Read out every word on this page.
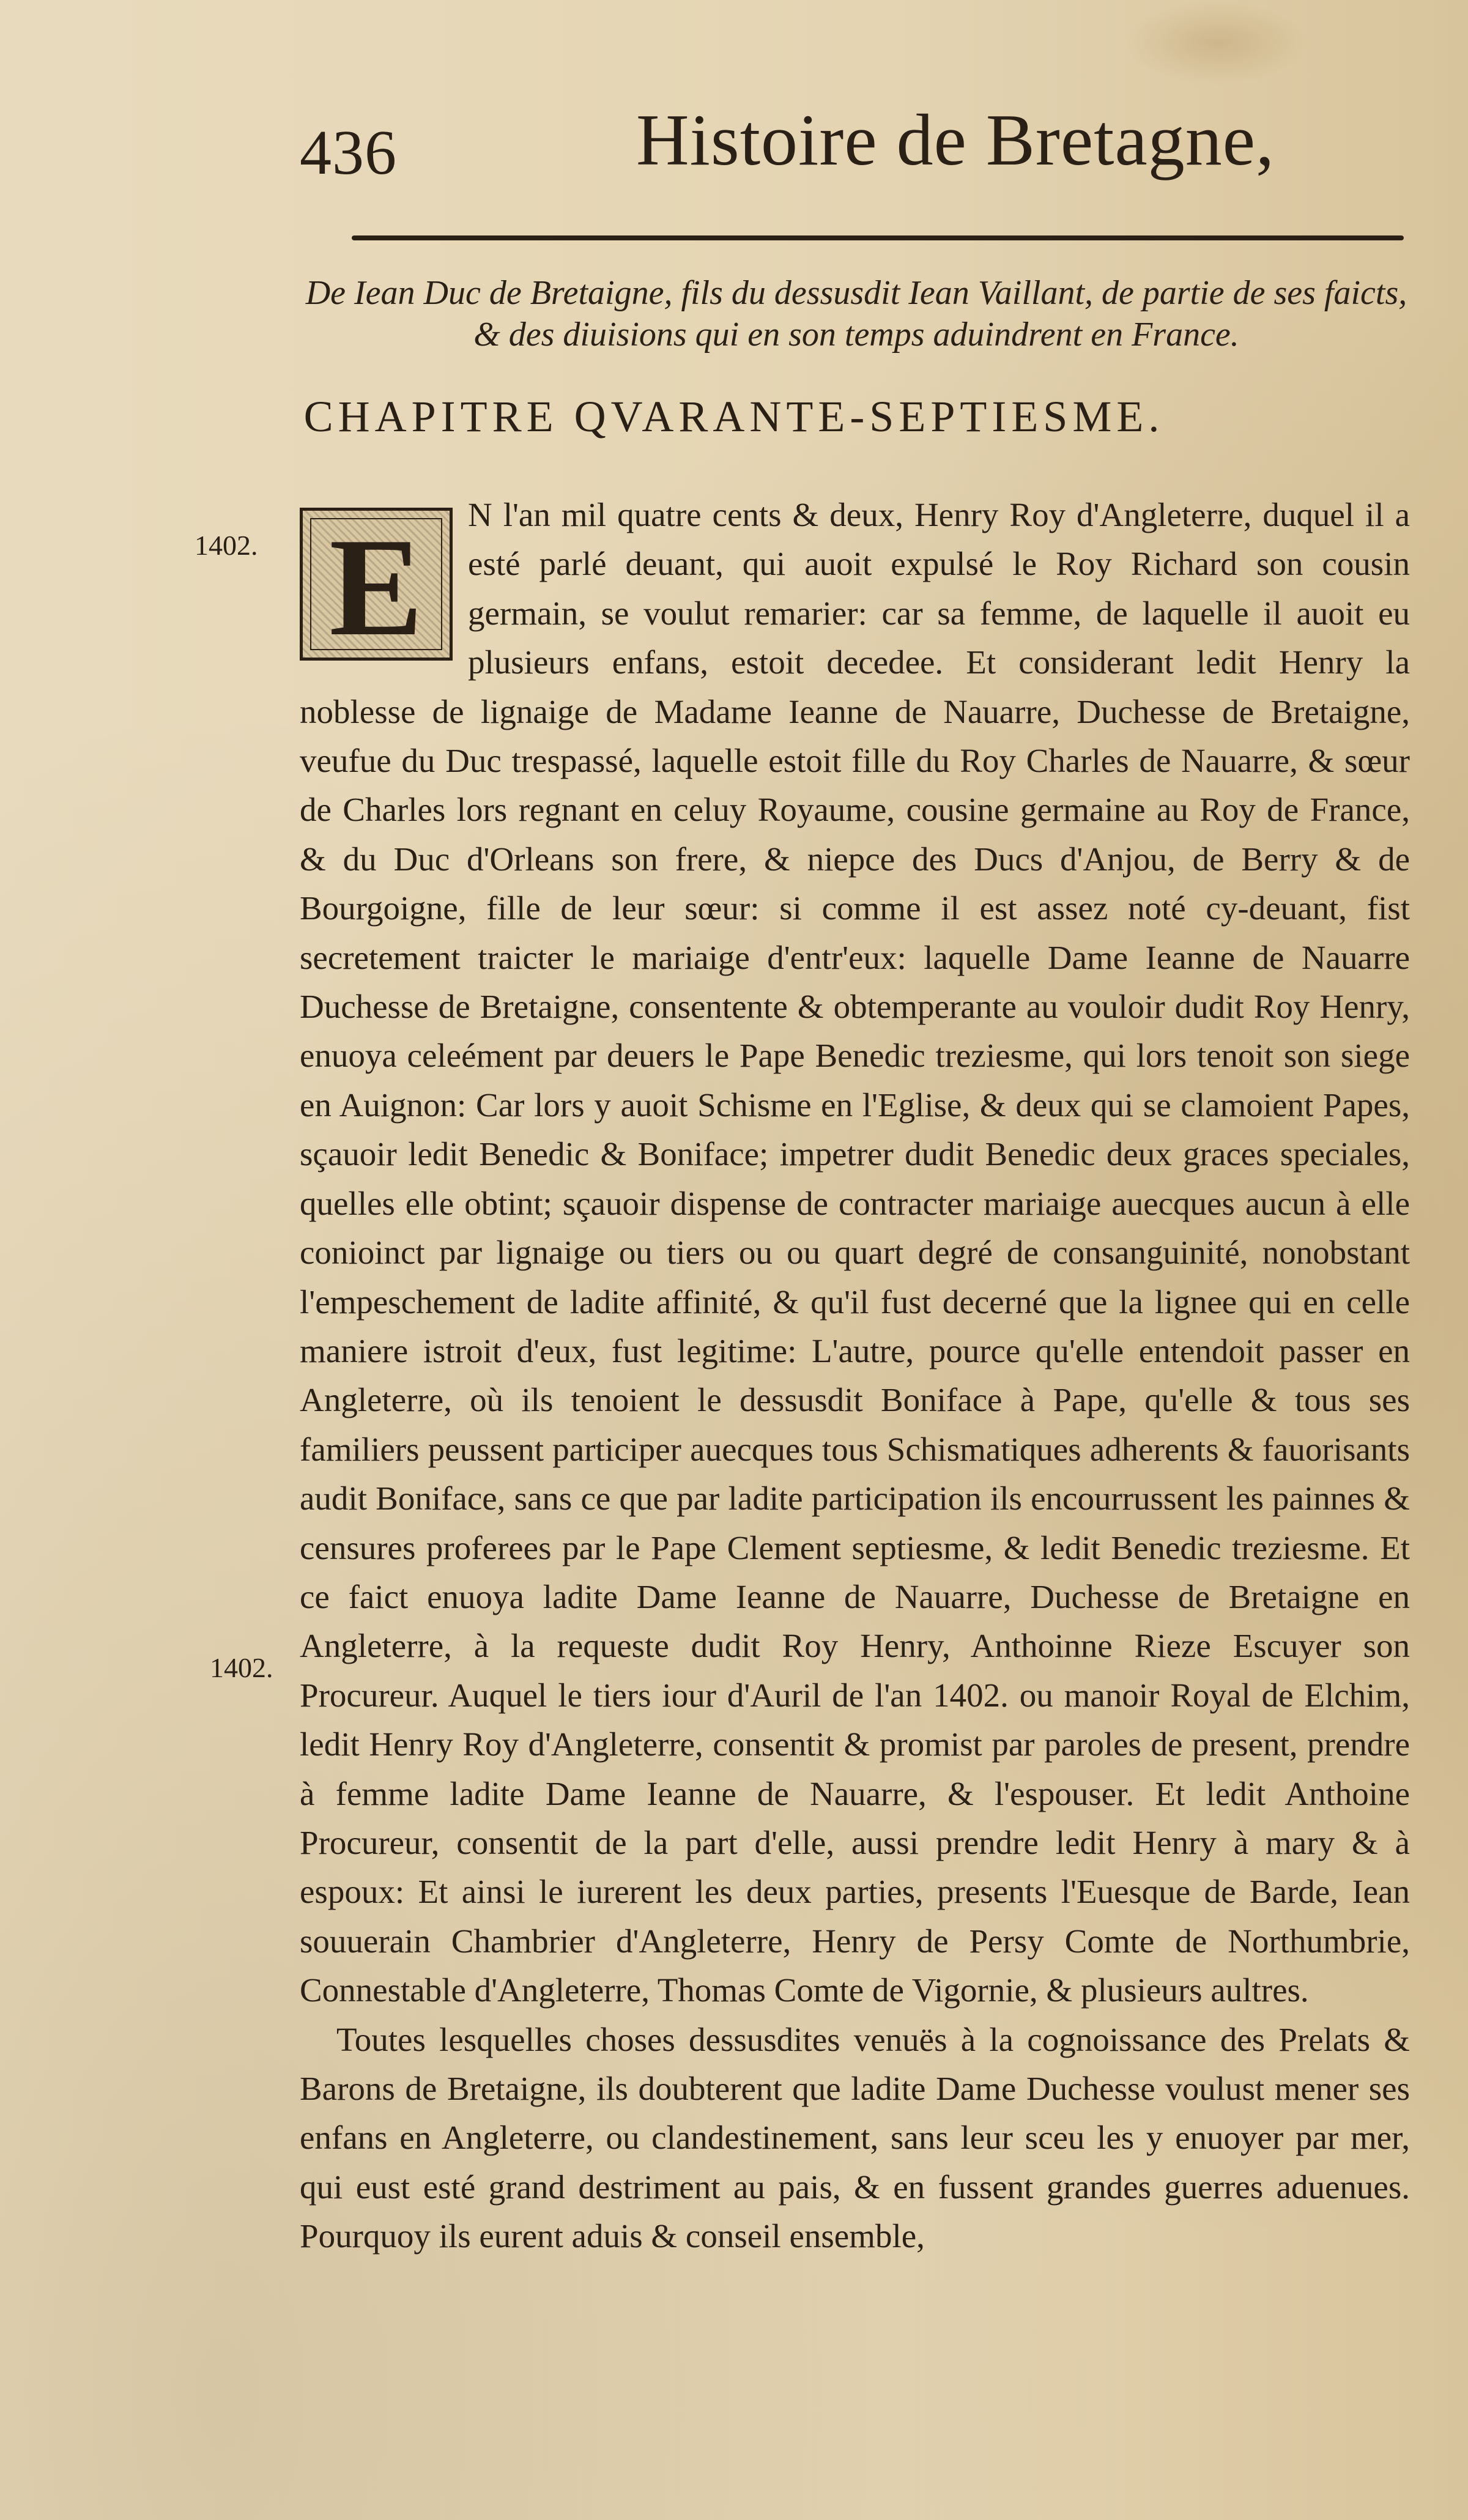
436	Histoire de Bretagne,
De Iean Duc de Bretaigne, fils du dessusdit Iean Vaillant, de partie de ses faicts, & des diuisions qui en son temps aduindrent en France.
CHAPITRE QVARANTE-SEPTIESME.
1402.
1402.

N l'an mil quatre cents & deux, Henry Roy d'Angleterre, duquel il a esté parlé deuant, qui auoit expulsé le Roy Richard son cousin germain, se voulut remarier: car sa femme, de laquelle il auoit eu plusieurs enfans, estoit decedee. Et considerant ledit Henry la noblesse de lignaige de Madame Ieanne de Nauarre, Duchesse de Bretaigne, veufue du Duc trespassé, laquelle estoit fille du Roy Charles de Nauarre, & sœur de Charles lors regnant en celuy Royaume, cousine germaine au Roy de France, & du Duc d'Orleans son frere, & niepce des Ducs d'Anjou, de Berry & de Bourgoigne, fille de leur sœur: si comme il est assez noté cy-deuant, fist secretement traicter le mariaige d'entr'eux: laquelle Dame Ieanne de Nauarre Duchesse de Bretaigne, consentente & obtemperante au vouloir dudit Roy Henry, enuoya celeément par deuers le Pape Benedic treziesme, qui lors tenoit son siege en Auignon: Car lors y auoit Schisme en l'Eglise, & deux qui se clamoient Papes, sçauoir ledit Benedic & Boniface; impetrer dudit Benedic deux graces speciales, quelles elle obtint; sçauoir dispense de contracter mariaige auecques aucun à elle conioinct par lignaige ou tiers ou ou quart degré de consanguinité, nonobstant l'empeschement de ladite affinité, & qu'il fust decerné que la lignee qui en celle maniere istroit d'eux, fust legitime: L'autre, pource qu'elle entendoit passer en Angleterre, où ils tenoient le dessusdit Boniface à Pape, qu'elle & tous ses familiers peussent participer auecques tous Schismatiques adherents & fauorisants audit Boniface, sans ce que par ladite participation ils encourrussent les painnes & censures proferees par le Pape Clement septiesme, & ledit Benedic treziesme. Et ce faict enuoya ladite Dame Ieanne de Nauarre, Duchesse de Bretaigne en Angleterre, à la requeste dudit Roy Henry, Anthoinne Rieze Escuyer son Procureur. Auquel le tiers iour d'Auril de l'an 1402. ou manoir Royal de Elchim, ledit Henry Roy d'Angleterre, consentit & promist par paroles de present, prendre à femme ladite Dame Ieanne de Nauarre, & l'espouser. Et ledit Anthoine Procureur, consentit de la part d'elle, aussi prendre ledit Henry à mary & à espoux: Et ainsi le iurerent les deux parties, presents l'Euesque de Barde, Iean souuerain Chambrier d'Angleterre, Henry de Persy Comte de Northumbrie, Connestable d'Angleterre, Thomas Comte de Vigornie, & plusieurs aultres.

Toutes lesquelles choses dessusdites venuës à la cognoissance des Prelats & Barons de Bretaigne, ils doubterent que ladite Dame Duchesse voulust mener ses enfans en Angleterre, ou clandestinement, sans leur sceu les y enuoyer par mer, qui eust esté grand destriment au pais, & en fussent grandes guerres aduenues. Pourquoy ils eurent aduis & conseil ensemble,

E
